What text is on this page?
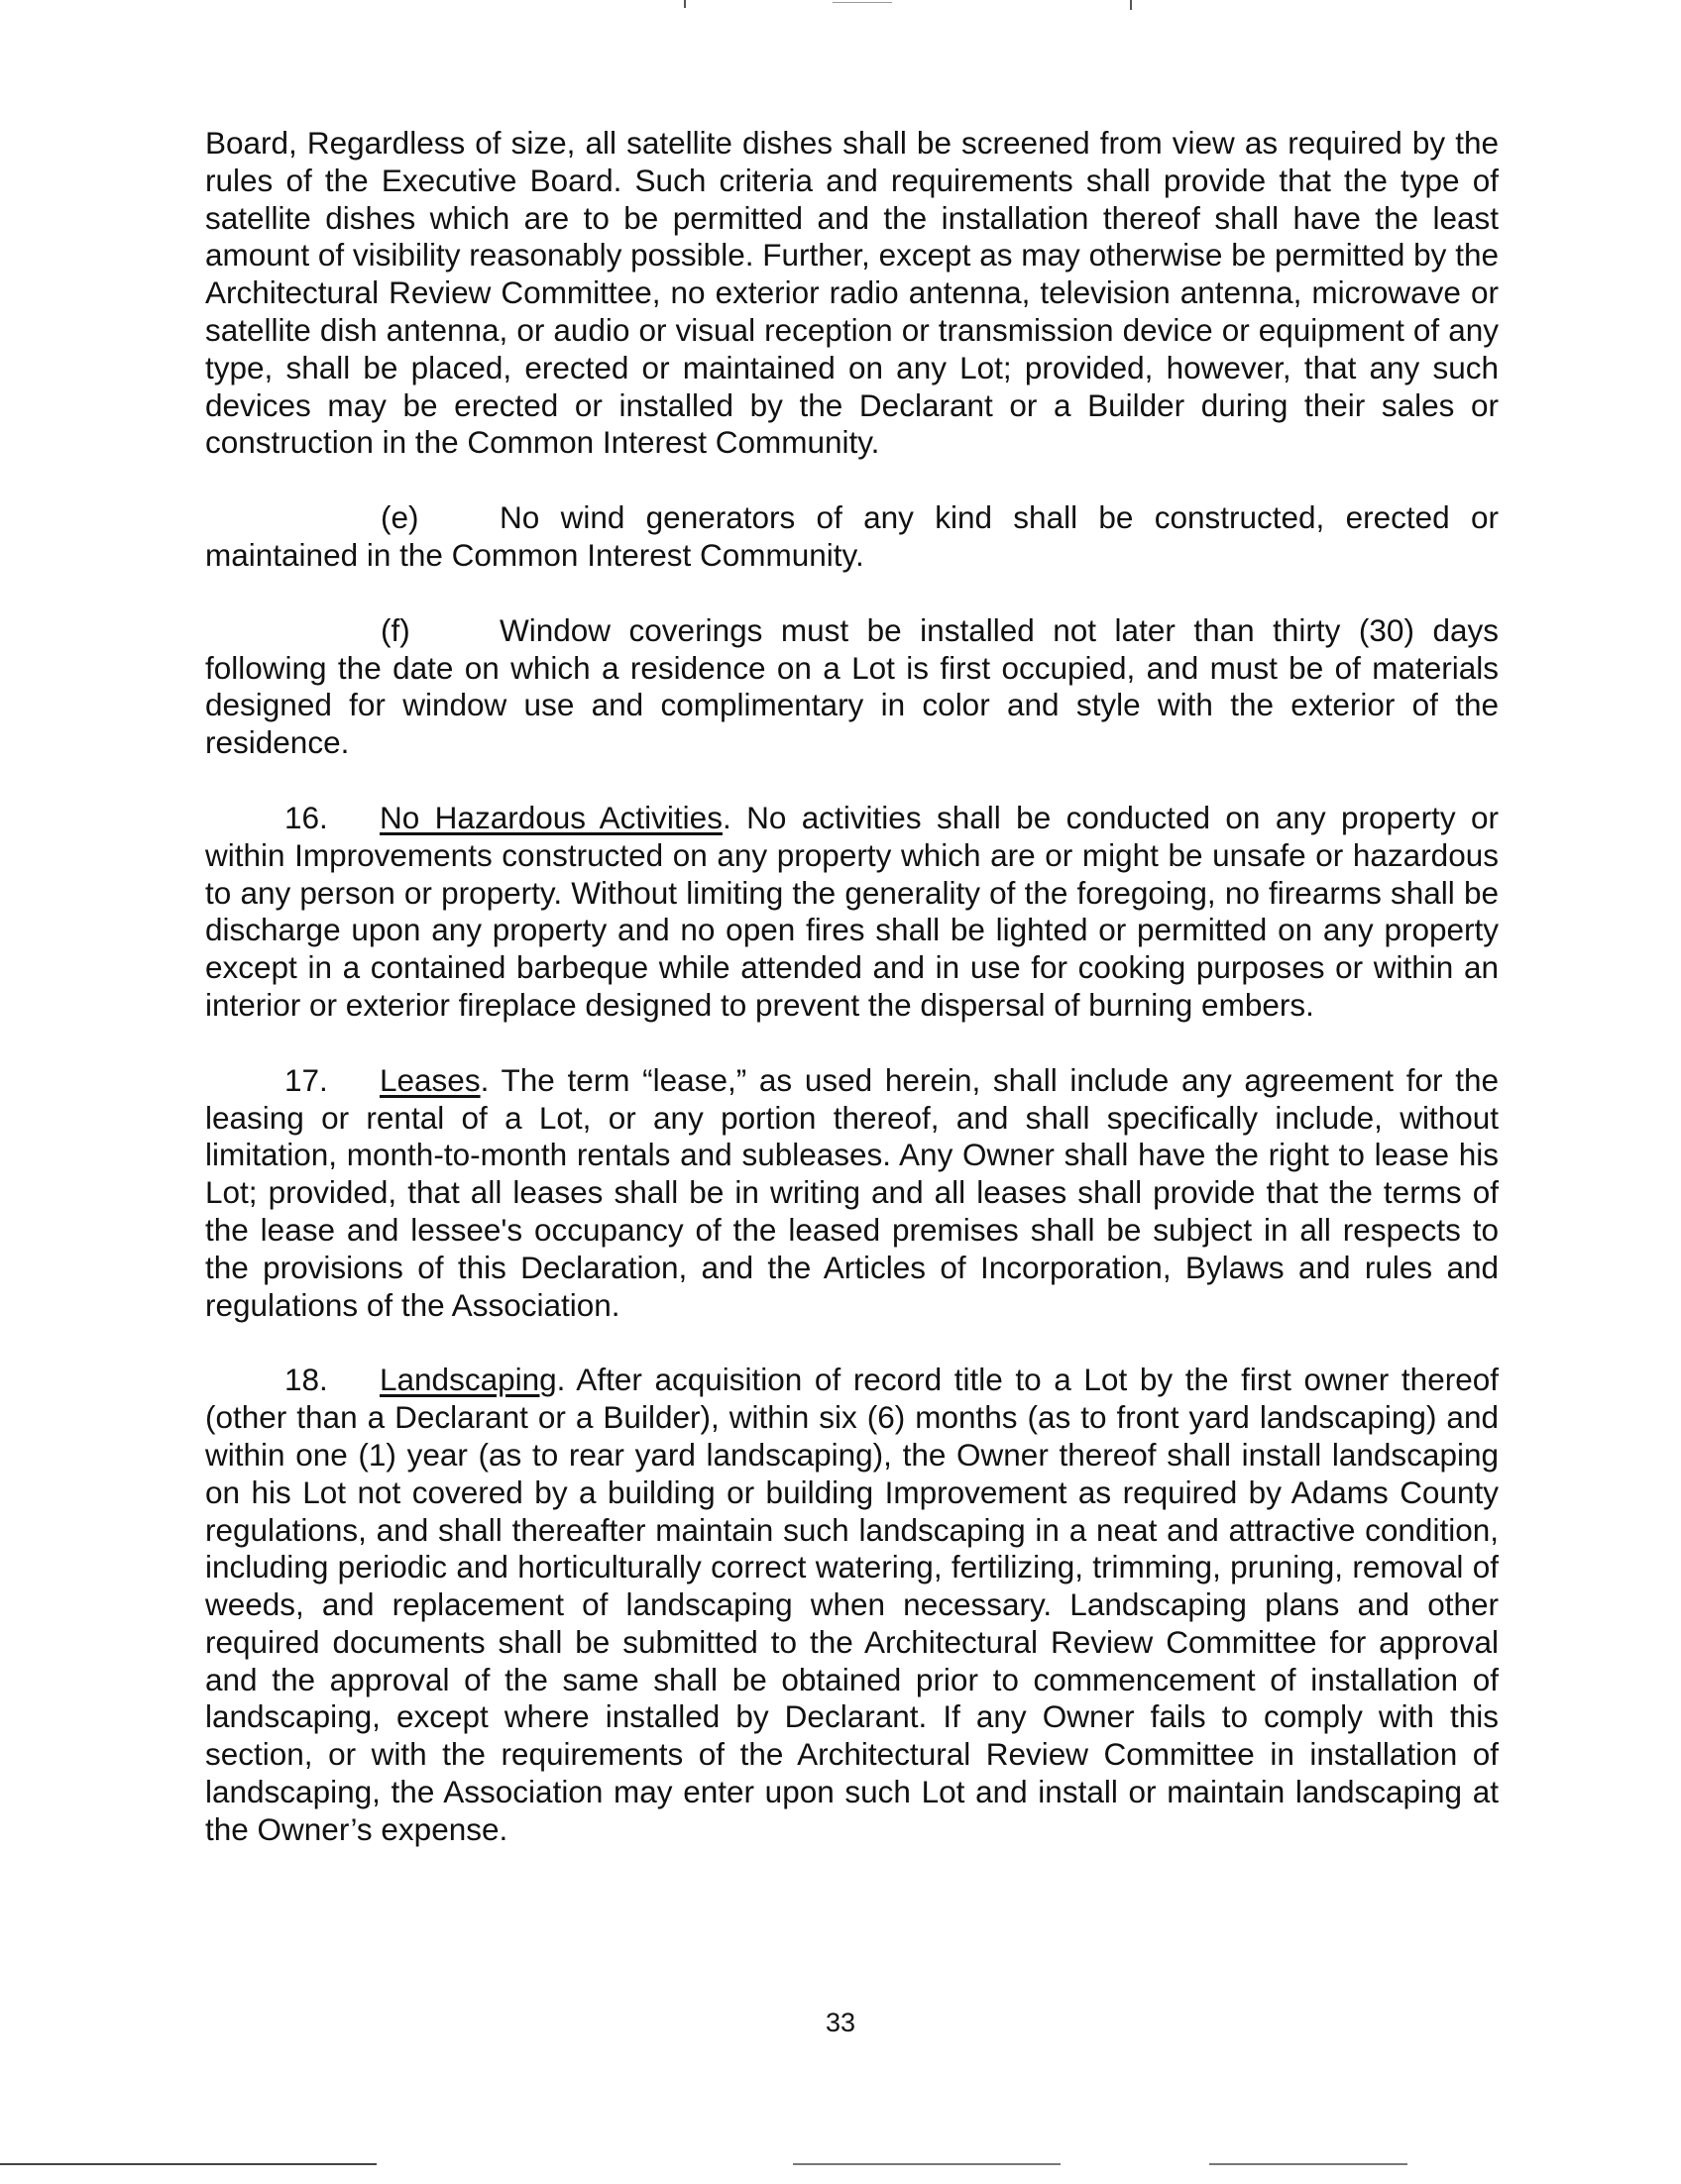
Board, Regardless of size, all satellite dishes shall be screened from view as required by the rules of the Executive Board. Such criteria and requirements shall provide that the type of satellite dishes which are to be permitted and the installation thereof shall have the least amount of visibility reasonably possible. Further, except as may otherwise be permitted by the Architectural Review Committee, no exterior radio antenna, television antenna, microwave or satellite dish antenna, or audio or visual reception or transmission device or equipment of any type, shall be placed, erected or maintained on any Lot; provided, however, that any such devices may be erected or installed by the Declarant or a Builder during their sales or construction in the Common Interest Community.

(e)	No wind generators of any kind shall be constructed, erected or maintained in the Common Interest Community.

(f)	Window coverings must be installed not later than thirty (30) days following the date on which a residence on a Lot is first occupied, and must be of materials designed for window use and complimentary in color and style with the exterior of the residence.

16. No Hazardous Activities. No activities shall be conducted on any property or within Improvements constructed on any property which are or might be unsafe or hazardous to any person or property. Without limiting the generality of the foregoing, no firearms shall be discharge upon any property and no open fires shall be lighted or permitted on any property except in a contained barbeque while attended and in use for cooking purposes or within an interior or exterior fireplace designed to prevent the dispersal of burning embers.

17. Leases. The term “lease,” as used herein, shall include any agreement for the leasing or rental of a Lot, or any portion thereof, and shall specifically include, without limitation, month-to-month rentals and subleases. Any Owner shall have the right to lease his Lot; provided, that all leases shall be in writing and all leases shall provide that the terms of the lease and lessee's occupancy of the leased premises shall be subject in all respects to the provisions of this Declaration, and the Articles of Incorporation, Bylaws and rules and regulations of the Association.

18. Landscaping. After acquisition of record title to a Lot by the first owner thereof (other than a Declarant or a Builder), within six (6) months (as to front yard landscaping) and within one (1) year (as to rear yard landscaping), the Owner thereof shall install landscaping on his Lot not covered by a building or building Improvement as required by Adams County regulations, and shall thereafter maintain such landscaping in a neat and attractive condition, including periodic and horticulturally correct watering, fertilizing, trimming, pruning, removal of weeds, and replacement of landscaping when necessary. Landscaping plans and other required documents shall be submitted to the Architectural Review Committee for approval and the approval of the same shall be obtained prior to commencement of installation of landscaping, except where installed by Declarant. If any Owner fails to comply with this section, or with the requirements of the Architectural Review Committee in installation of landscaping, the Association may enter upon such Lot and install or maintain landscaping at the Owner’s expense.

33
